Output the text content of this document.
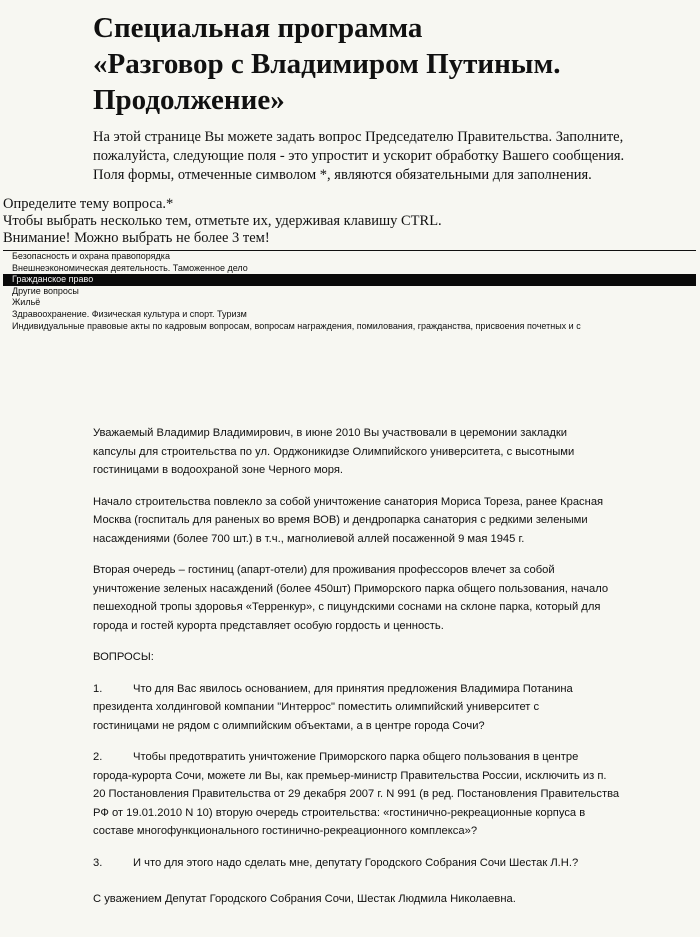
Специальная программа
«Разговор с Владимиром Путиным.
Продолжение»
На этой странице Вы можете задать вопрос Председателю Правительства. Заполните,
пожалуйста, следующие поля - это упростит и ускорит обработку Вашего сообщения.
Поля формы, отмеченные символом *, являются обязательными для заполнения.
Определите тему вопроса.*
Чтобы выбрать несколько тем, отметьте их, удерживая клавишу CTRL.
Внимание! Можно выбрать не более 3 тем!
Безопасность и охрана правопорядка
Внешнеэкономическая деятельность. Таможенное дело
Гражданское право
Другие вопросы
Жильё
Здравоохранение. Физическая культура и спорт. Туризм
Индивидуальные правовые акты по кадровым вопросам, вопросам награждения, помилования, гражданства, присвоения почетных и с
Уважаемый Владимир Владимирович, в июне 2010 Вы участвовали в церемонии закладки
капсулы для строительства по ул. Орджоникидзе Олимпийского университета, с высотными
гостиницами в водоохраной зоне Черного моря.
Начало строительства повлекло за собой уничтожение санатория Мориса Тореза, ранее Красная
Москва (госпиталь для раненых во время ВОВ) и дендропарка санатория с редкими зелеными
насаждениями (более 700 шт.) в т.ч., магнолиевой аллей посаженной 9 мая 1945 г.
Вторая очередь – гостиниц (апарт-отели) для проживания профессоров влечет за собой
уничтожение зеленых насаждений (более 450шт) Приморского парка общего пользования, начало
пешеходной тропы здоровья «Терренкур», с пицундскими соснами на склоне парка, который для
города и гостей курорта представляет особую гордость и ценность.
ВОПРОСЫ:
1.	Что для Вас явилось основанием, для принятия предложения Владимира Потанина
президента холдинговой компании "Интеррос" поместить олимпийский университет с
гостиницами не рядом с олимпийским объектами, а в центре города Сочи?
2.	Чтобы предотвратить уничтожение Приморского парка общего пользования в центре
города-курорта Сочи, можете ли Вы, как премьер-министр Правительства России, исключить из п.
20 Постановления Правительства от 29 декабря 2007 г. N 991 (в ред. Постановления Правительства
РФ от 19.01.2010 N 10) вторую очередь строительства: «гостинично-рекреационные корпуса в
составе многофункционального гостинично-рекреационного комплекса»?
3.	И что для этого надо сделать мне, депутату Городского Собрания Сочи Шестак Л.Н.?
С уважением Депутат Городского Собрания Сочи, Шестак Людмила Николаевна.
